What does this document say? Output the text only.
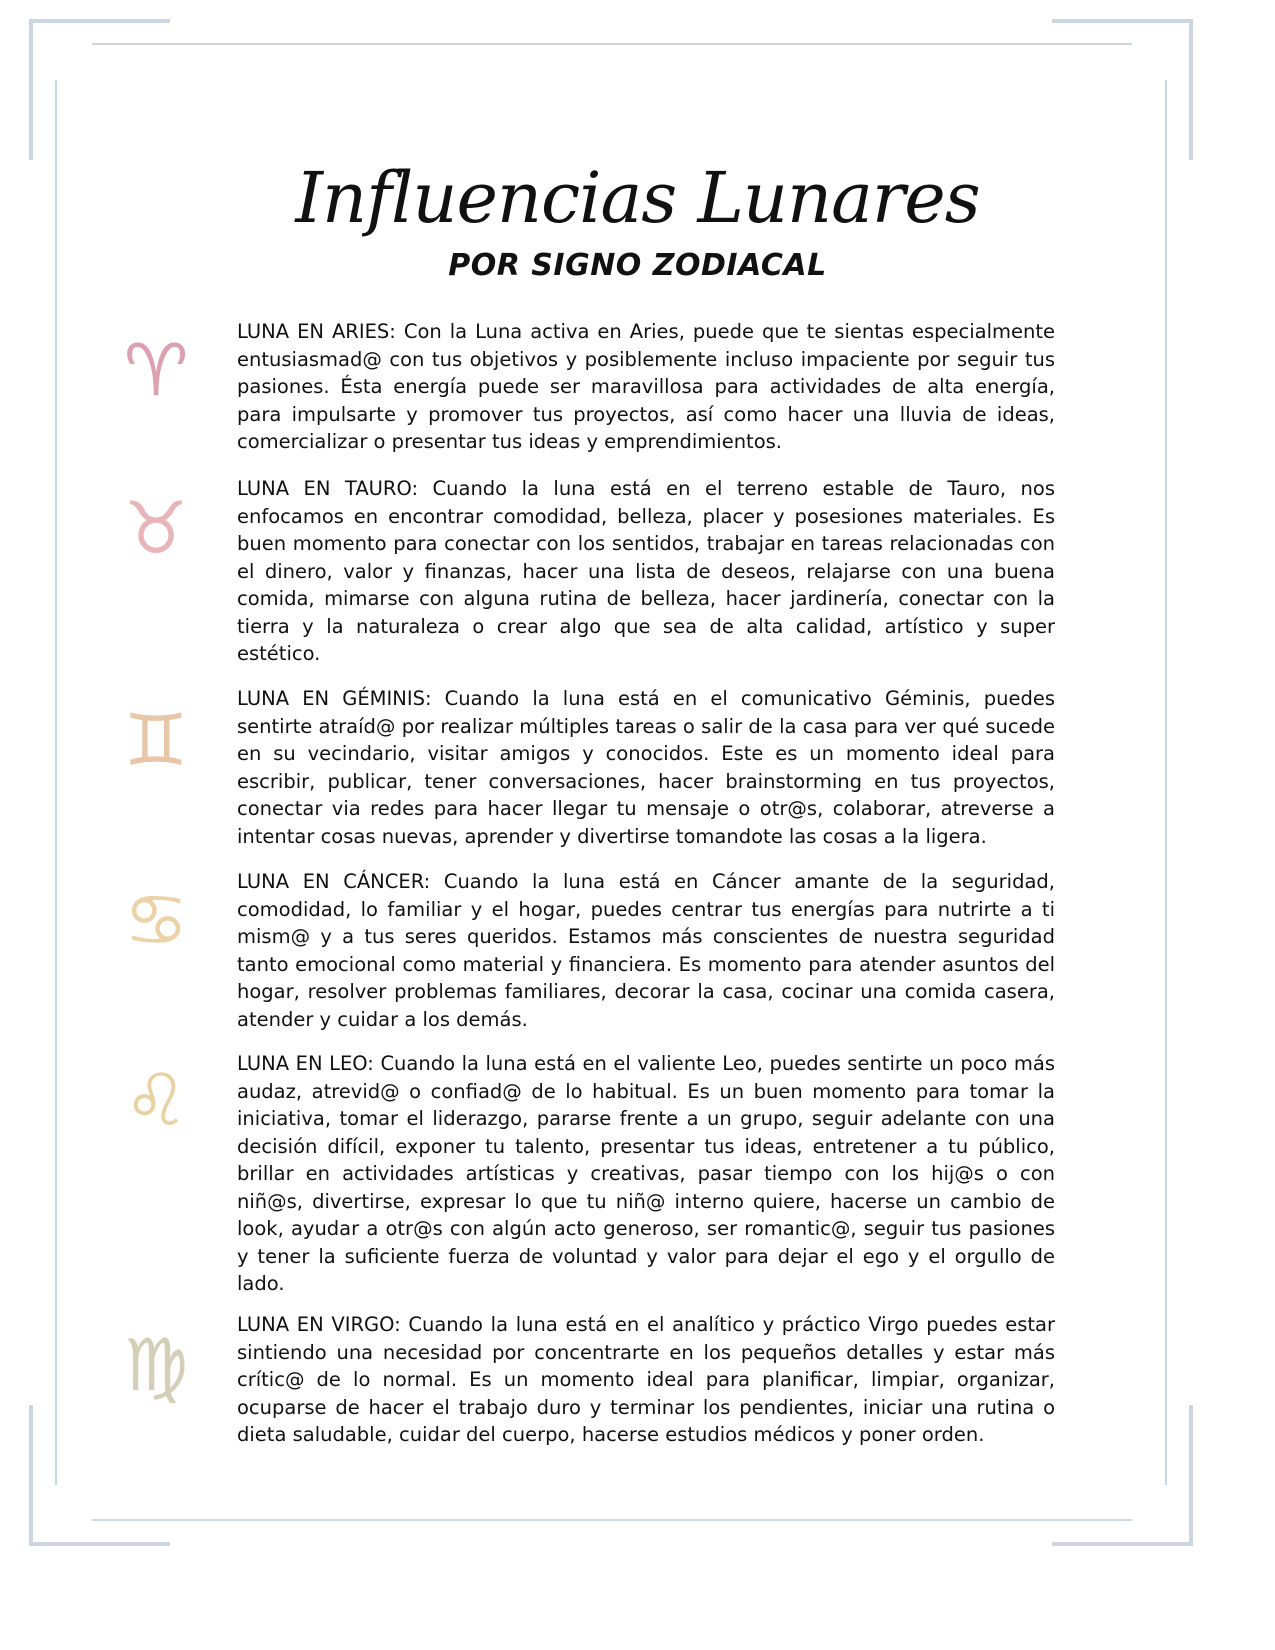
Influencias Lunares
POR SIGNO ZODIACAL
♈	LUNA EN ARIES: Con la Luna activa en Aries, puede que te sientas especialmente entusiasmad@ con tus objetivos y posiblemente incluso impaciente por seguir tus pasiones. Ésta energía puede ser maravillosa para actividades de alta energía, para impulsarte y promover tus proyectos, así como hacer una lluvia de ideas, comercializar o presentar tus ideas y emprendimientos.

♉	LUNA EN TAURO: Cuando la luna está en el terreno estable de Tauro, nos enfocamos en encontrar comodidad, belleza, placer y posesiones materiales. Es buen momento para conectar con los sentidos, trabajar en tareas relacionadas con el dinero, valor y finanzas, hacer una lista de deseos, relajarse con una buena comida, mimarse con alguna rutina de belleza, hacer jardinería, conectar con la tierra y la naturaleza o crear algo que sea de alta calidad, artístico y super estético.

♊	LUNA EN GÉMINIS: Cuando la luna está en el comunicativo Géminis, puedes sentirte atraíd@ por realizar múltiples tareas o salir de la casa para ver qué sucede en su vecindario, visitar amigos y conocidos. Este es un momento ideal para escribir, publicar, tener conversaciones, hacer brainstorming en tus proyectos, conectar via redes para hacer llegar tu mensaje o otr@s, colaborar, atreverse a intentar cosas nuevas, aprender y divertirse tomandote las cosas a la ligera.

♋	LUNA EN CÁNCER: Cuando la luna está en Cáncer amante de la seguridad, comodidad, lo familiar y el hogar, puedes centrar tus energías para nutrirte a ti mism@ y a tus seres queridos. Estamos más conscientes de nuestra seguridad tanto emocional como material y financiera. Es momento para atender asuntos del hogar, resolver problemas familiares, decorar la casa, cocinar una comida casera, atender y cuidar a los demás.

♌	LUNA EN LEO: Cuando la luna está en el valiente Leo, puedes sentirte un poco más audaz, atrevid@ o confiad@ de lo habitual. Es un buen momento para tomar la iniciativa, tomar el liderazgo, pararse frente a un grupo, seguir adelante con una decisión difícil, exponer tu talento, presentar tus ideas, entretener a tu público, brillar en actividades artísticas y creativas, pasar tiempo con los hij@s o con niñ@s, divertirse, expresar lo que tu niñ@ interno quiere, hacerse un cambio de look, ayudar a otr@s con algún acto generoso, ser romantic@, seguir tus pasiones y tener la suficiente fuerza de voluntad y valor para dejar el ego y el orgullo de lado.

♍	LUNA EN VIRGO: Cuando la luna está en el analítico y práctico Virgo puedes estar sintiendo una necesidad por concentrarte en los pequeños detalles y estar más crític@ de lo normal. Es un momento ideal para planificar, limpiar, organizar, ocuparse de hacer el trabajo duro y terminar los pendientes, iniciar una rutina o dieta saludable, cuidar del cuerpo, hacerse estudios médicos y poner orden.
